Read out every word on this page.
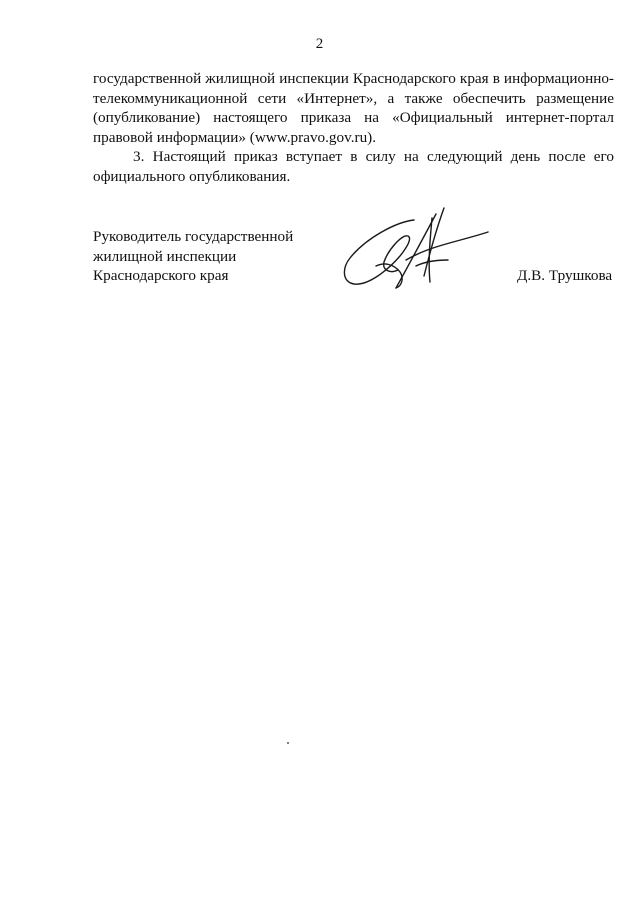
2

государственной жилищной инспекции Краснодарского края в информационно-телекоммуникационной сети «Интернет», а также обеспечить размещение (опубликование) настоящего приказа на «Официальный интернет-портал правовой информации» (www.pravo.gov.ru).

3. Настоящий приказ вступает в силу на следующий день после его официального опубликования.

Руководитель государственной
жилищной инспекции
Краснодарского края	Д.В. Трушкова
